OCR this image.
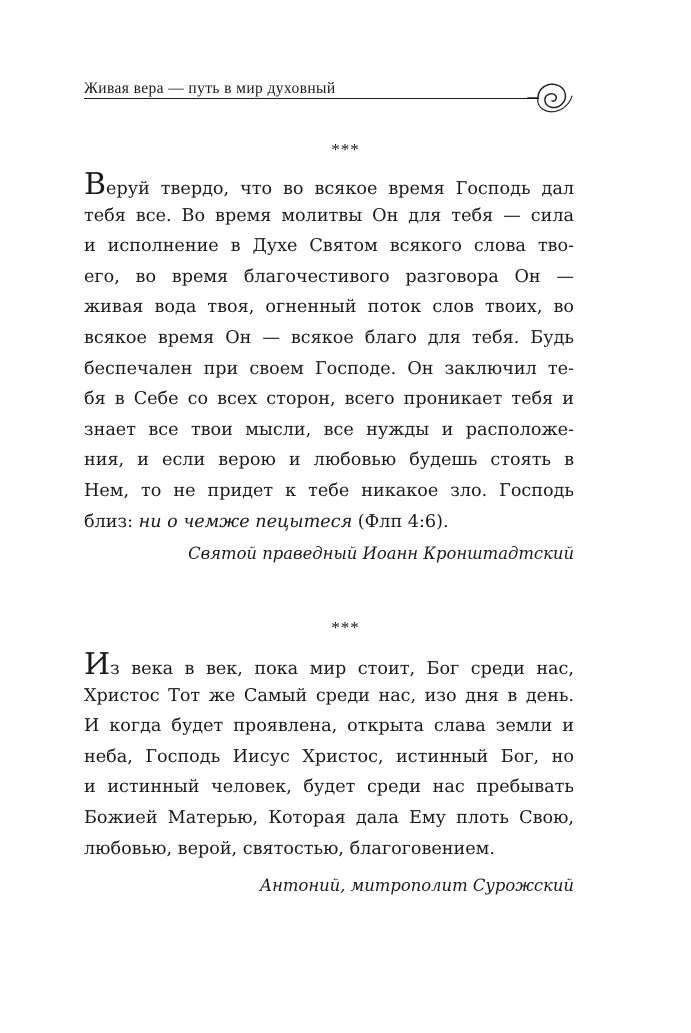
Живая вера — путь в мир духовный
***
Веруй твердо, что во всякое время Господь дал
тебя все. Во время молитвы Он для тебя — сила
и исполнение в Духе Святом всякого слова тво-
его, во время благочестивого разговора Он —
живая вода твоя, огненный поток слов твоих, во
всякое время Он — всякое благо для тебя. Будь
беспечален при своем Господе. Он заключил те-
бя в Себе со всех сторон, всего проникает тебя и
знает все твои мысли, все нужды и расположе-
ния, и если верою и любовью будешь стоять в
Нем, то не придет к тебе никакое зло. Господь
близ: ни о чемже пецытеся (Флп 4:6).
Святой праведный Иоанн Кронштадтский
***
Из века в век, пока мир стоит, Бог среди нас,
Христос Тот же Самый среди нас, изо дня в день.
И когда будет проявлена, открыта слава земли и
неба, Господь Иисус Христос, истинный Бог, но
и истинный человек, будет среди нас пребывать
Божией Матерью, Которая дала Ему плоть Свою,
любовью, верой, святостью, благоговением.
Антоний, митрополит Сурожский
